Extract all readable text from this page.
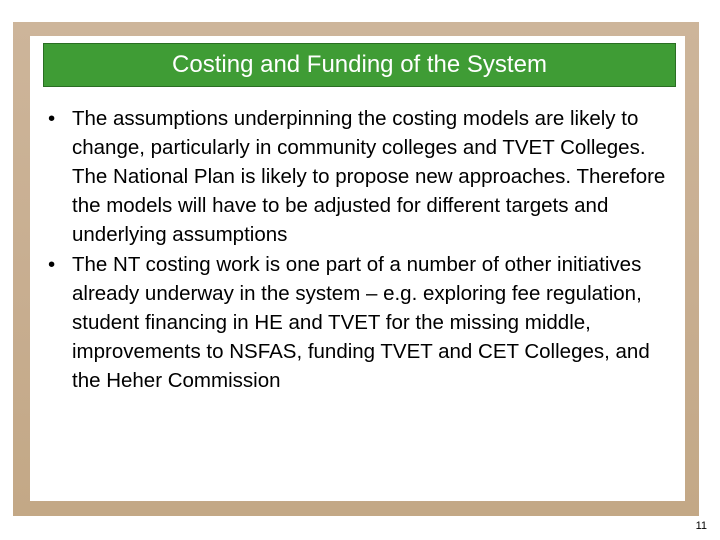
Costing and Funding of the System
• The assumptions underpinning the costing models are likely to change, particularly in community colleges and TVET Colleges. The National Plan is likely to propose new approaches. Therefore the models will have to be adjusted for different targets and underlying assumptions
• The NT costing work is one part of a number of other initiatives already underway in the system – e.g. exploring fee regulation, student financing in HE and TVET for the missing middle, improvements to NSFAS, funding TVET and CET Colleges, and the Heher Commission
11
